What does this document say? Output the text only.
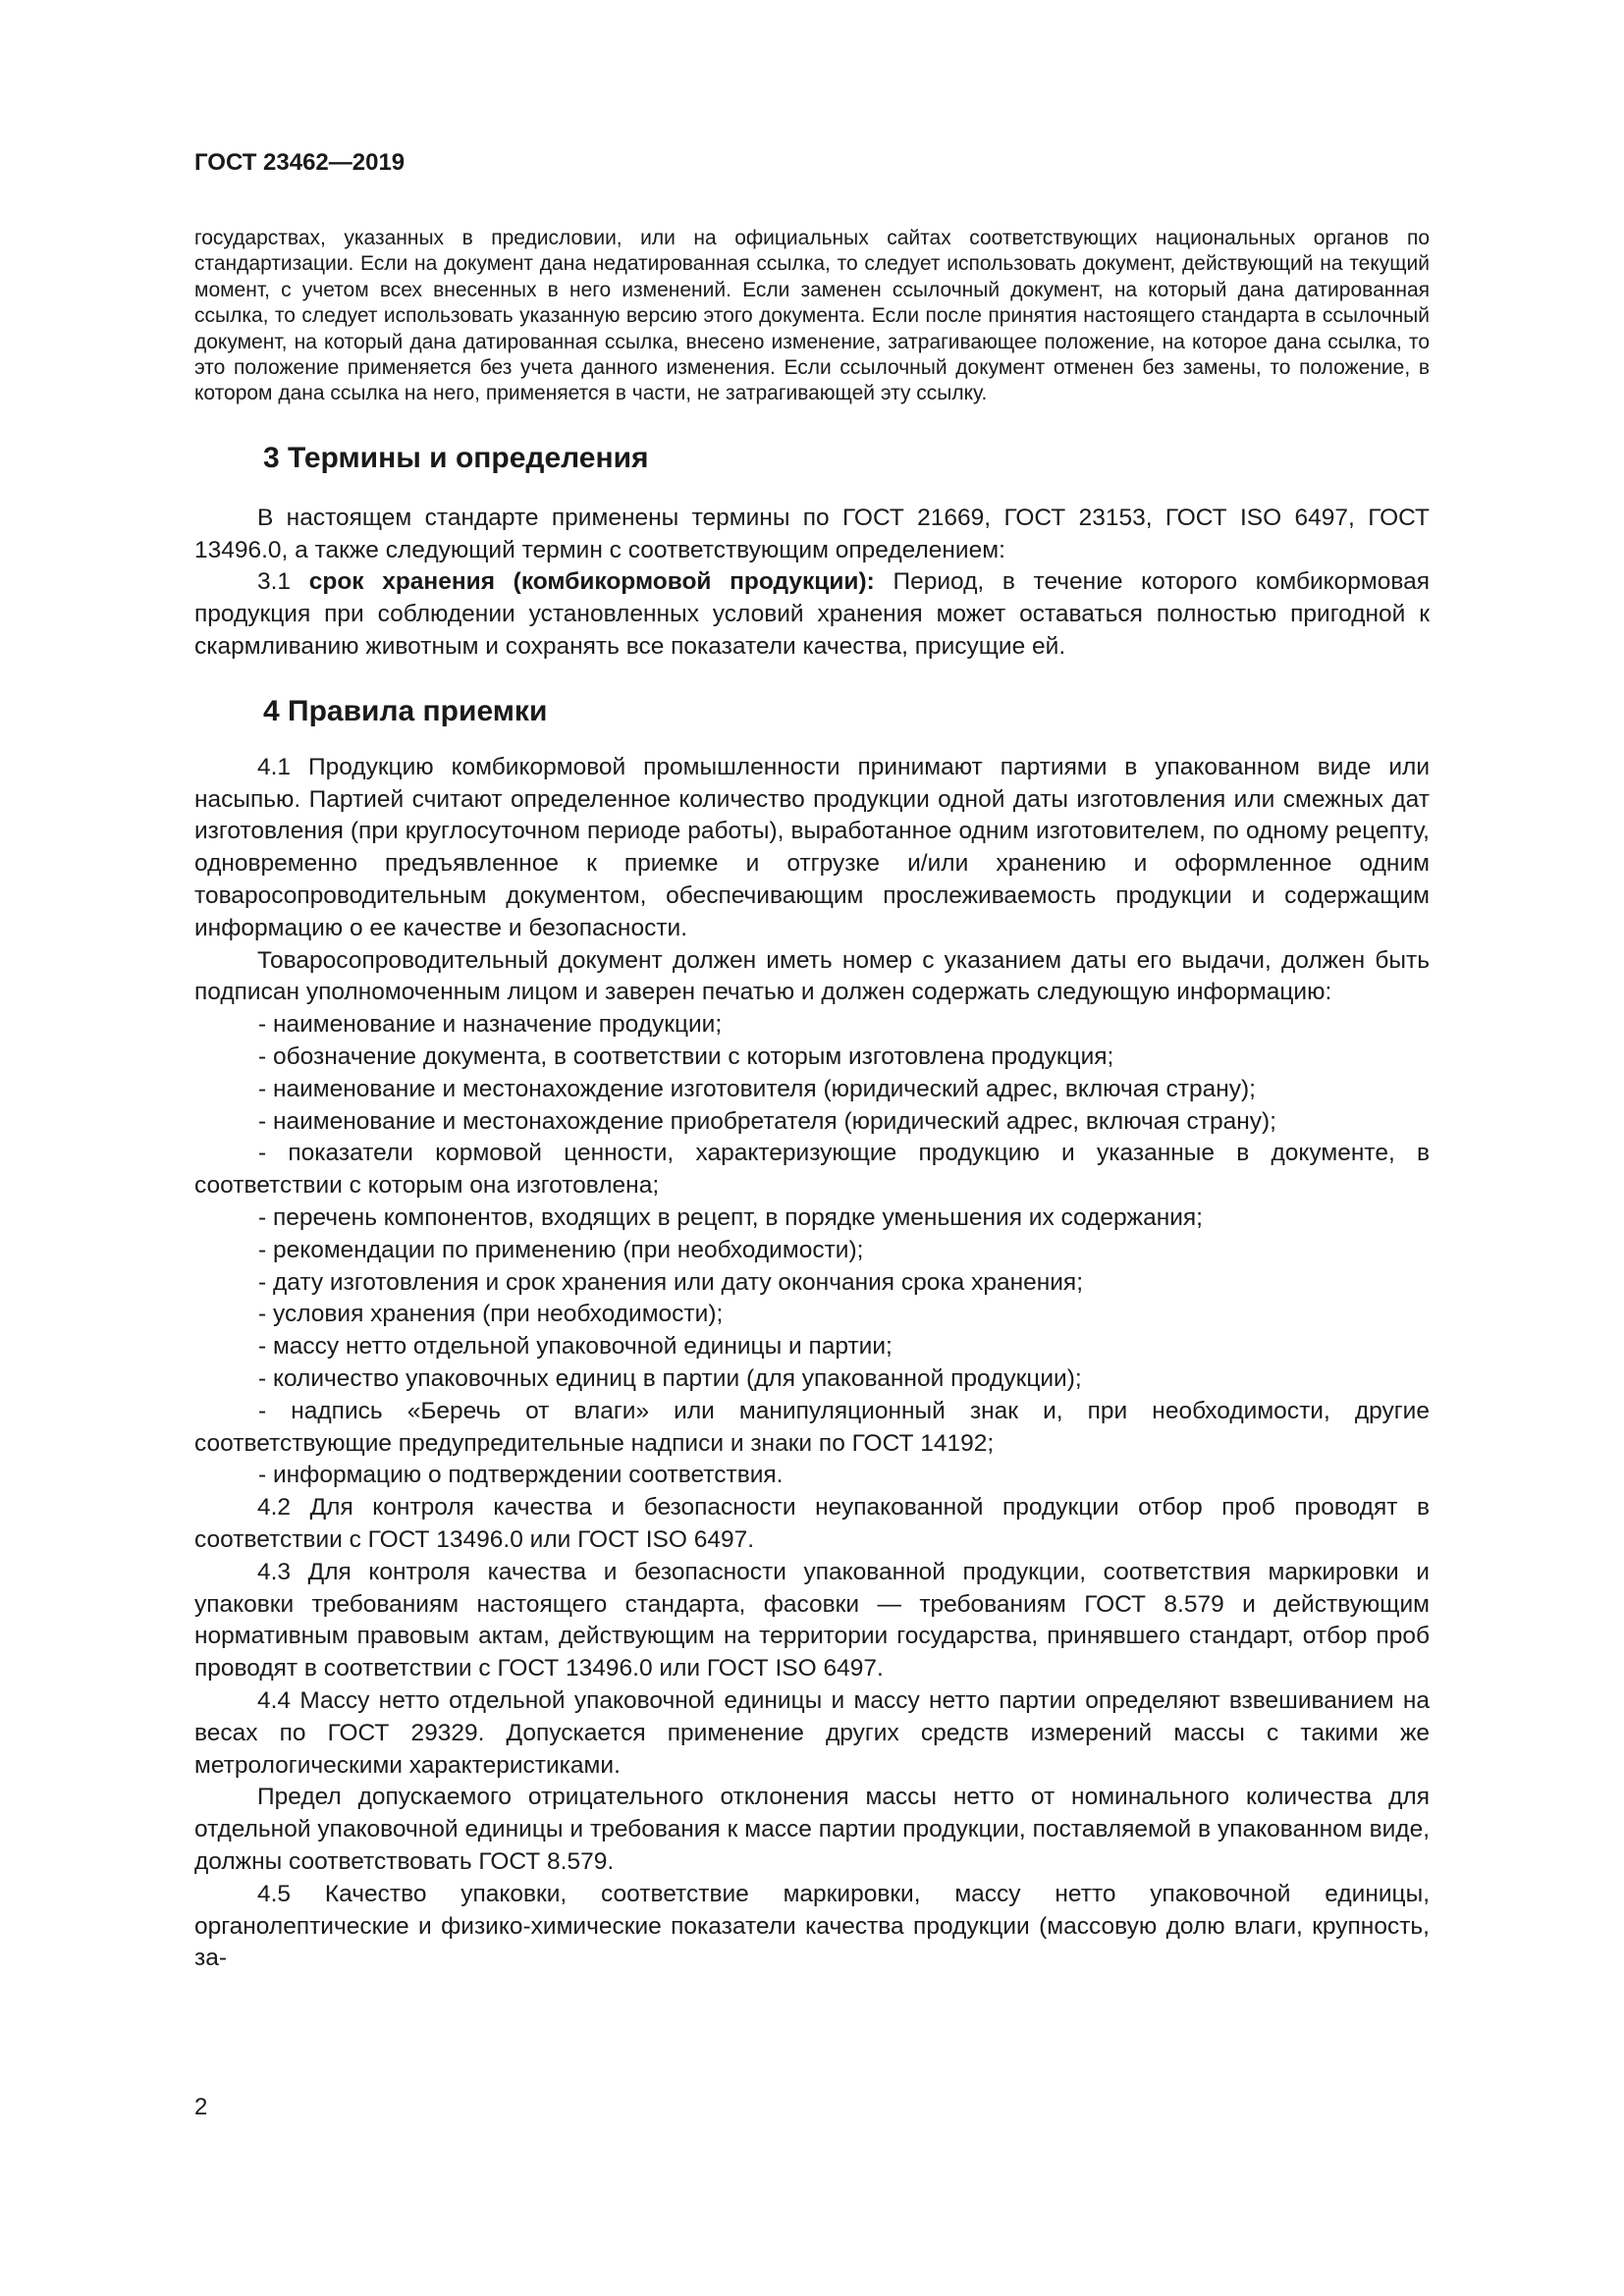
ГОСТ 23462—2019

государствах, указанных в предисловии, или на официальных сайтах соответствующих национальных органов по стандартизации. Если на документ дана недатированная ссылка, то следует использовать документ, действующий на текущий момент, с учетом всех внесенных в него изменений. Если заменен ссылочный документ, на который дана датированная ссылка, то следует использовать указанную версию этого документа. Если после принятия настоящего стандарта в ссылочный документ, на который дана датированная ссылка, внесено изменение, затрагивающее положение, на которое дана ссылка, то это положение применяется без учета данного изменения. Если ссылочный документ отменен без замены, то положение, в котором дана ссылка на него, применяется в части, не затрагивающей эту ссылку.

3 Термины и определения

В настоящем стандарте применены термины по ГОСТ 21669, ГОСТ 23153, ГОСТ ISO 6497, ГОСТ 13496.0, а также следующий термин с соответствующим определением:

3.1 срок хранения (комбикормовой продукции): Период, в течение которого комбикормовая продукция при соблюдении установленных условий хранения может оставаться полностью пригодной к скармливанию животным и сохранять все показатели качества, присущие ей.

4 Правила приемки

4.1 Продукцию комбикормовой промышленности принимают партиями в упакованном виде или насыпью. Партией считают определенное количество продукции одной даты изготовления или смежных дат изготовления (при круглосуточном периоде работы), выработанное одним изготовителем, по одному рецепту, одновременно предъявленное к приемке и отгрузке и/или хранению и оформленное одним товаросопроводительным документом, обеспечивающим прослеживаемость продукции и содержащим информацию о ее качестве и безопасности.

Товаросопроводительный документ должен иметь номер с указанием даты его выдачи, должен быть подписан уполномоченным лицом и заверен печатью и должен содержать следующую информацию:

- наименование и назначение продукции;

- обозначение документа, в соответствии с которым изготовлена продукция;

- наименование и местонахождение изготовителя (юридический адрес, включая страну);

- наименование и местонахождение приобретателя (юридический адрес, включая страну);

- показатели кормовой ценности, характеризующие продукцию и указанные в документе, в соответствии с которым она изготовлена;

- перечень компонентов, входящих в рецепт, в порядке уменьшения их содержания;

- рекомендации по применению (при необходимости);

- дату изготовления и срок хранения или дату окончания срока хранения;

- условия хранения (при необходимости);

- массу нетто отдельной упаковочной единицы и партии;

- количество упаковочных единиц в партии (для упакованной продукции);

- надпись «Беречь от влаги» или манипуляционный знак и, при необходимости, другие соответствующие предупредительные надписи и знаки по ГОСТ 14192;

- информацию о подтверждении соответствия.

4.2 Для контроля качества и безопасности неупакованной продукции отбор проб проводят в соответствии с ГОСТ 13496.0 или ГОСТ ISO 6497.

4.3 Для контроля качества и безопасности упакованной продукции, соответствия маркировки и упаковки требованиям настоящего стандарта, фасовки — требованиям ГОСТ 8.579 и действующим нормативным правовым актам, действующим на территории государства, принявшего стандарт, отбор проб проводят в соответствии с ГОСТ 13496.0 или ГОСТ ISO 6497.

4.4 Массу нетто отдельной упаковочной единицы и массу нетто партии определяют взвешиванием на весах по ГОСТ 29329. Допускается применение других средств измерений массы с такими же метрологическими характеристиками.

Предел допускаемого отрицательного отклонения массы нетто от номинального количества для отдельной упаковочной единицы и требования к массе партии продукции, поставляемой в упакованном виде, должны соответствовать ГОСТ 8.579.

4.5 Качество упаковки, соответствие маркировки, массу нетто упаковочной единицы, органолептические и физико-химические показатели качества продукции (массовую долю влаги, крупность, за-

2
